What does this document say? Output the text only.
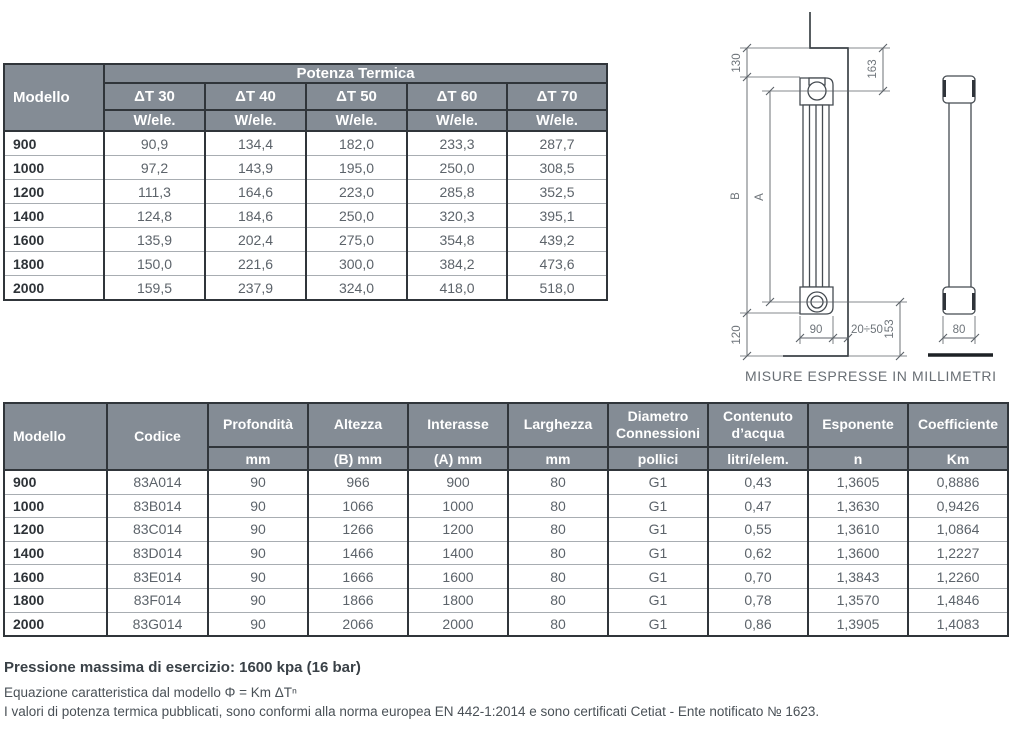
Modello	Potenza Termica				
	ΔT 30	ΔT 40	ΔT 50	ΔT 60	ΔT 70
	W/ele.	W/ele.	W/ele.	W/ele.	W/ele.
900	90,9	134,4	182,0	233,3	287,7
1000	97,2	143,9	195,0	250,0	308,5
1200	111,3	164,6	223,0	285,8	352,5
1400	124,8	184,6	250,0	320,3	395,1
1600	135,9	202,4	275,0	354,8	439,2
1800	150,0	221,6	300,0	384,2	473,6
2000	159,5	237,9	324,0	418,0	518,0
Modello	Codice	Profondità	Altezza	Interasse	Larghezza	Diametro Connessioni	Contenuto d’acqua	Esponente	Coefficiente
		mm	(B) mm	(A) mm	mm	pollici	litri/elem.	n	Km
900	83A014	90	966	900	80	G1	0,43	1,3605	0,8886
1000	83B014	90	1066	1000	80	G1	0,47	1,3630	0,9426
1200	83C014	90	1266	1200	80	G1	0,55	1,3610	1,0864
1400	83D014	90	1466	1400	80	G1	0,62	1,3600	1,2227
1600	83E014	90	1666	1600	80	G1	0,70	1,3843	1,2260
1800	83F014	90	1866	1800	80	G1	0,78	1,3570	1,4846
2000	83G014	90	2066	2000	80	G1	0,86	1,3905	1,4083
130	163
B A
120	153
90 20÷50	80
MISURE ESPRESSE IN MILLIMETRI
Pressione massima di esercizio: 1600 kpa (16 bar)
Equazione caratteristica dal modello Φ = Km ΔTⁿ
I valori di potenza termica pubblicati, sono conformi alla norma europea EN 442-1:2014 e sono certificati Cetiat - Ente notificato № 1623.
